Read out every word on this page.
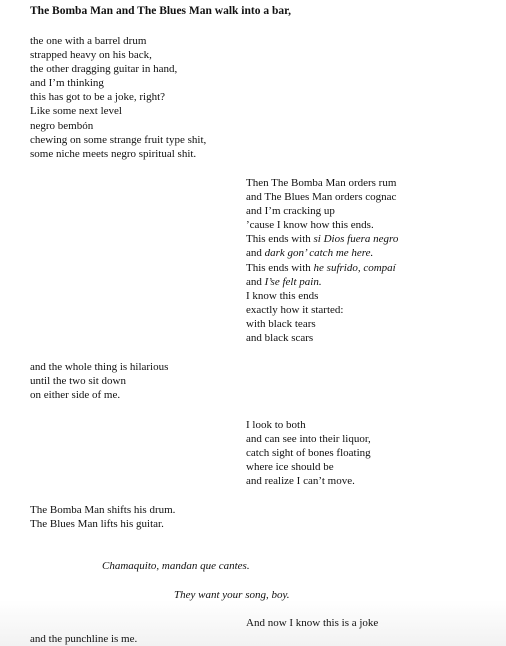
The Bomba Man and The Blues Man walk into a bar,
the one with a barrel drum
strapped heavy on his back,
the other dragging guitar in hand,
and I’m thinking
this has got to be a joke, right?
Like some next level
negro bembón
chewing on some strange fruit type shit,
some niche meets negro spiritual shit.
Then The Bomba Man orders rum
and The Blues Man orders cognac
and I’m cracking up
’cause I know how this ends.
This ends with si Dios fuera negro
and dark gon’ catch me here.
This ends with he sufrido, compaí
and I’se felt pain.
I know this ends
exactly how it started:
with black tears
and black scars
and the whole thing is hilarious
until the two sit down
on either side of me.
I look to both
and can see into their liquor,
catch sight of bones floating
where ice should be
and realize I can’t move.
The Bomba Man shifts his drum.
The Blues Man lifts his guitar.
Chamaquito, mandan que cantes.
They want your song, boy.
And now I know this is a joke
and the punchline is me.
